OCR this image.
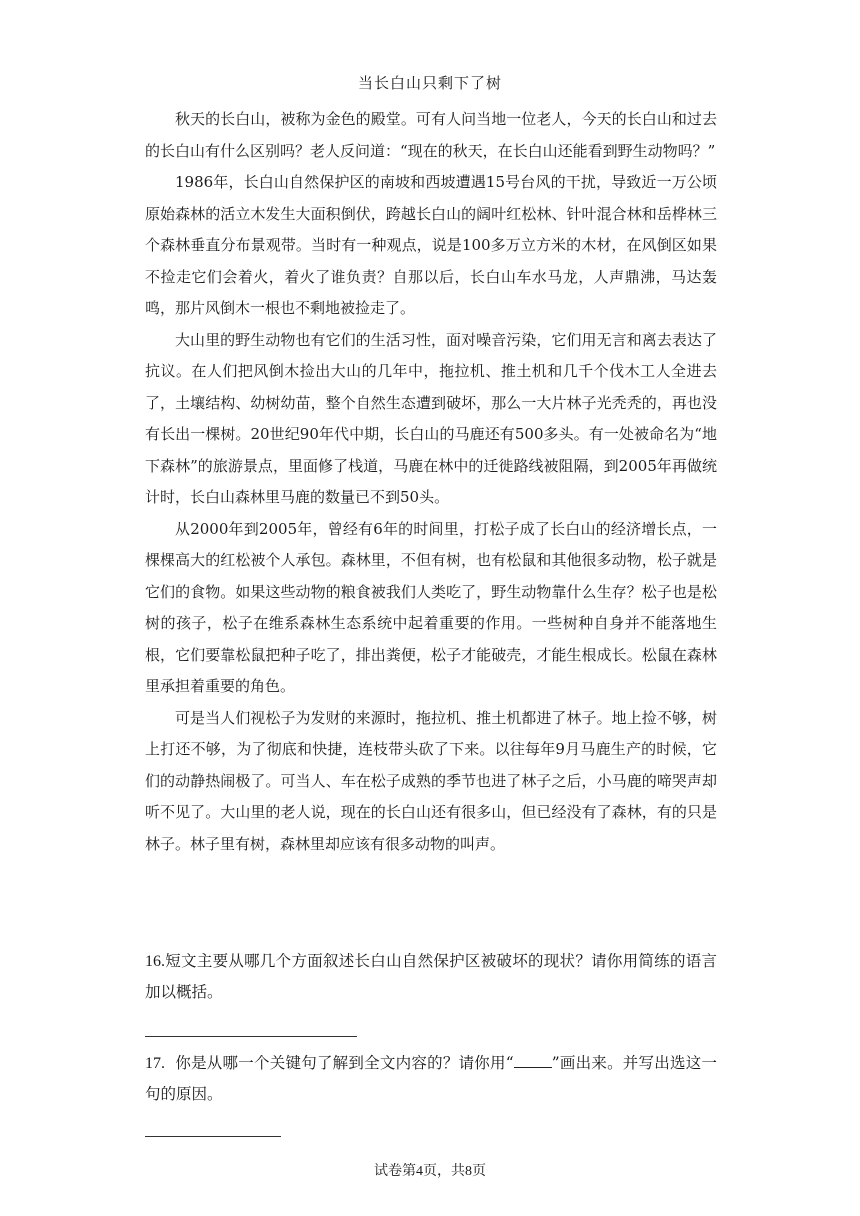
当长白山只剩下了树

秋天的长白山，被称为金色的殿堂。可有人问当地一位老人，今天的长白山和过去的长白山有什么区别吗？老人反问道：“现在的秋天，在长白山还能看到野生动物吗？”

1986年，长白山自然保护区的南坡和西坡遭遇15号台风的干扰，导致近一万公顷原始森林的活立木发生大面积倒伏，跨越长白山的阔叶红松林、针叶混合林和岳桦林三个森林垂直分布景观带。当时有一种观点，说是100多万立方米的木材，在风倒区如果不捡走它们会着火，着火了谁负责？自那以后，长白山车水马龙，人声鼎沸，马达轰鸣，那片风倒木一根也不剩地被捡走了。

大山里的野生动物也有它们的生活习性，面对噪音污染，它们用无言和离去表达了抗议。在人们把风倒木捡出大山的几年中，拖拉机、推土机和几千个伐木工人全进去了，土壤结构、幼树幼苗，整个自然生态遭到破坏，那么一大片林子光秃秃的，再也没有长出一棵树。20世纪90年代中期，长白山的马鹿还有500多头。有一处被命名为“地下森林”的旅游景点，里面修了栈道，马鹿在林中的迁徙路线被阻隔，到2005年再做统计时，长白山森林里马鹿的数量已不到50头。

从2000年到2005年，曾经有6年的时间里，打松子成了长白山的经济增长点，一棵棵高大的红松被个人承包。森林里，不但有树，也有松鼠和其他很多动物，松子就是它们的食物。如果这些动物的粮食被我们人类吃了，野生动物靠什么生存？松子也是松树的孩子，松子在维系森林生态系统中起着重要的作用。一些树种自身并不能落地生根，它们要靠松鼠把种子吃了，排出粪便，松子才能破壳，才能生根成长。松鼠在森林里承担着重要的角色。

可是当人们视松子为发财的来源时，拖拉机、推土机都进了林子。地上捡不够，树上打还不够，为了彻底和快捷，连枝带头砍了下来。以往每年9月马鹿生产的时候，它们的动静热闹极了。可当人、车在松子成熟的季节也进了林子之后，小马鹿的啼哭声却听不见了。大山里的老人说，现在的长白山还有很多山，但已经没有了森林，有的只是林子。林子里有树，森林里却应该有很多动物的叫声。

16.短文主要从哪几个方面叙述长白山自然保护区被破坏的现状？请你用简练的语言加以概括。
17. 你是从哪一个关键句了解到全文内容的？请你用“ ”画出来。并写出选这一句的原因。
试卷第4页，共8页
